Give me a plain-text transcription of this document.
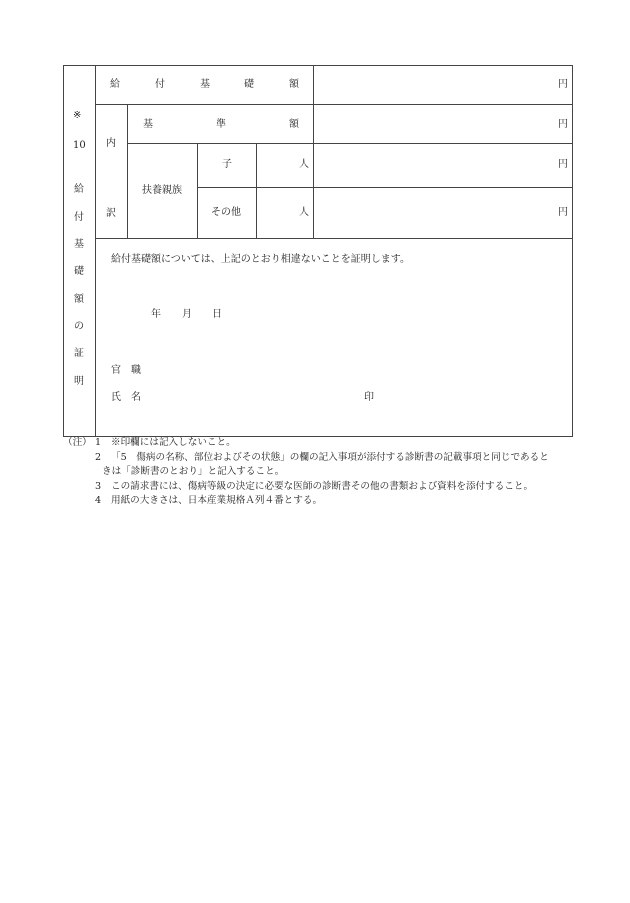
※
10
給
付
基
礎
額
の
証
明
給	付	基	礎	額	円
内
訳
基	準	額	円
扶養親族
子	人	円
その他	人	円
給付基礎額については、上記のとおり相違ないことを証明します。
年 月 日
官　職
氏　名	印
（注） 1 ※印欄には記入しないこと。
2 「5　傷病の名称、部位およびその状態」の欄の記入事項が添付する診断書の記載事項と同じであると
きは「診断書のとおり」と記入すること。
3 この請求書には、傷病等級の決定に必要な医師の診断書その他の書類および資料を添付すること。
4 用紙の大きさは、日本産業規格Ａ列４番とする。
